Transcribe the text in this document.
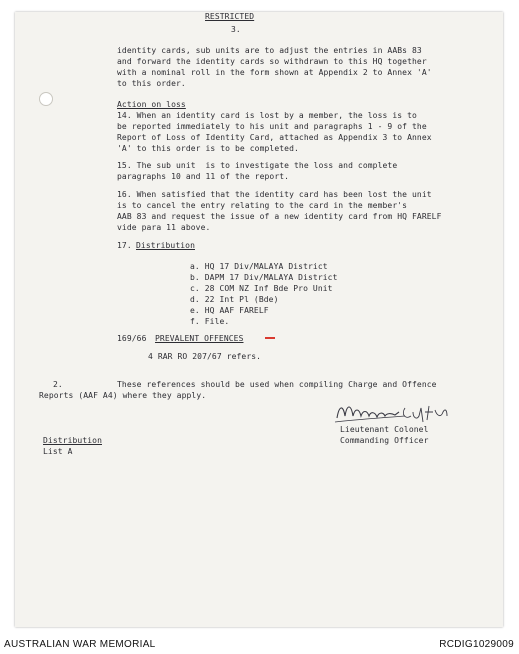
RESTRICTED
3.
identity cards, sub units are to adjust the entries in AABs 83
and forward the identity cards so withdrawn to this HQ together
with a nominal roll in the form shown at Appendix 2 to Annex 'A'
to this order.
Action on loss
14. When an identity card is lost by a member, the loss is to
be reported immediately to his unit and paragraphs 1 - 9 of the
Report of Loss of Identity Card, attached as Appendix 3 to Annex
'A' to this order is to be completed.
15. The sub unit  is to investigate the loss and complete
paragraphs 10 and 11 of the report.
16. When satisfied that the identity card has been lost the unit
is to cancel the entry relating to the card in the member's
AAB 83 and request the issue of a new identity card from HQ FARELF
vide para 11 above.
17. Distribution
a. HQ 17 Div/MALAYA District
b. DAPM 17 Div/MALAYA District
c. 28 COM NZ Inf Bde Pro Unit
d. 22 Int Pl (Bde)
e. HQ AAF FARELF
f. File.
169/66 PREVALENT OFFENCES
4 RAR RO 207/67 refers.
2.	These references should be used when compiling Charge and Offence
Reports (AAF A4) where they apply.
Lieutenant Colonel
Commanding Officer
Distribution
List A
AUSTRALIAN WAR MEMORIAL	RCDIG1029009
